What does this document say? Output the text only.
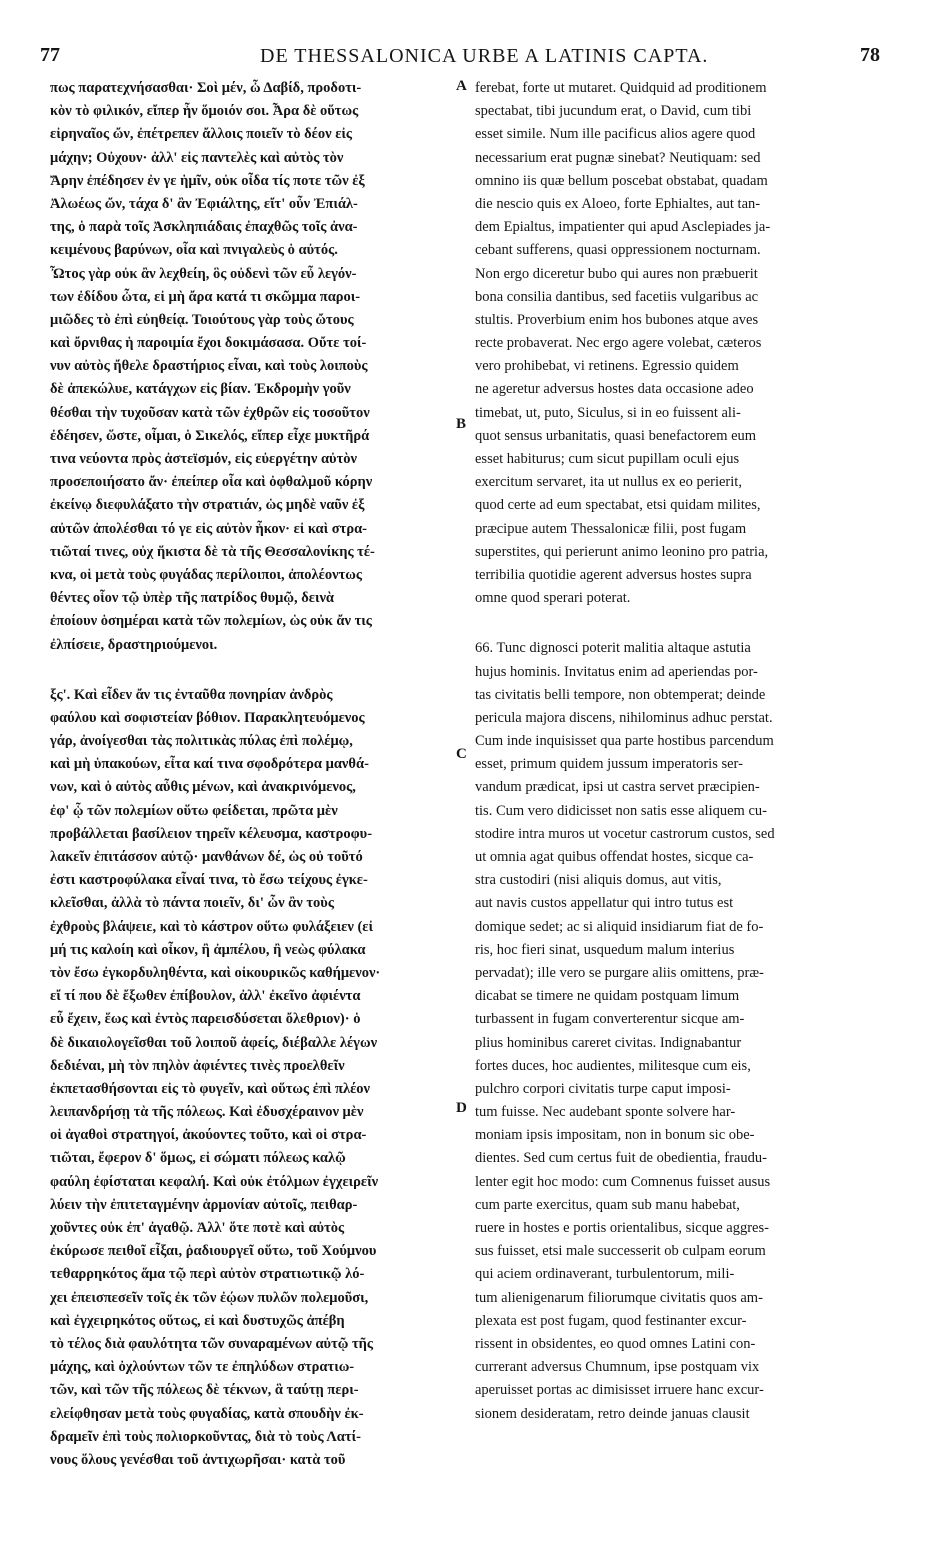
77	DE THESSALONICA URBE A LATINIS CAPTA.	78
A
B
C
D
πως παρατεχνήσασθαι· Σοὶ μέν, ὦ Δαβίδ, προδοτι-
κὸν τὸ φιλικόν, εἴπερ ἦν ὅμοιόν σοι. Ἆρα δὲ οὕτως
εἰρηναῖος ὤν, ἐπέτρεπεν ἄλλοις ποιεῖν τὸ δέον εἰς
μάχην; Οὐχουν· ἀλλ' εἰς παντελὲς καὶ αὐτὸς τὸν
Ἄρην ἐπέδησεν ἐν γε ἡμῖν, οὐκ οἶδα τίς ποτε τῶν ἐξ
Ἀλωέως ὤν, τάχα δ' ἂν Ἐφιάλτης, εἴτ' οὖν Ἐπιάλ-
της, ὁ παρὰ τοῖς Ἀσκληπιάδαις ἐπαχθῶς τοῖς ἀνα-
κειμένους βαρύνων, οἷα καὶ πνιγαλεὺς ὁ αὐτός.
Ὦτος γὰρ οὐκ ἂν λεχθείη, ὃς οὐδενὶ τῶν εὖ λεγόν-
των ἐδίδου ὦτα, εἰ μὴ ἄρα κατά τι σκῶμμα παροι-
μιῶδες τὸ ἐπὶ εὐηθείᾳ. Τοιούτους γὰρ τοὺς ὤτους
καὶ ὄρνιθας ἡ παροιμία ἔχοι δοκιμάσασα. Οὔτε τοί-
νυν αὐτὸς ἤθελε δραστήριος εἶναι, καὶ τοὺς λοιποὺς
δὲ ἀπεκώλυε, κατάγχων εἰς βίαν. Ἐκδρομὴν γοῦν
θέσθαι τὴν τυχοῦσαν κατὰ τῶν ἐχθρῶν εἰς τοσοῦτον
ἐδέησεν, ὥστε, οἶμαι, ὁ Σικελός, εἴπερ εἶχε μυκτῆρά
τινα νεύοντα πρὸς ἀστεϊσμόν, εἰς εὐεργέτην αὐτὸν
προσεποιήσατο ἄν· ἐπείπερ οἷα καὶ ὀφθαλμοῦ κόρην
ἐκείνῳ διεφυλάξατο τὴν στρατιάν, ὡς μηδὲ ναῦν ἐξ
αὐτῶν ἀπολέσθαι τό γε εἰς αὐτὸν ἧκον· εἰ καὶ στρα-
τιῶταί τινες, οὐχ ἥκιστα δὲ τὰ τῆς Θεσσαλονίκης τέ-
κνα, οἱ μετὰ τοὺς φυγάδας περίλοιποι, ἀπολέοντως
θέντες οἷον τῷ ὑπὲρ τῆς πατρίδος θυμῷ, δεινὰ
ἐποίουν ὁσημέραι κατὰ τῶν πολεμίων, ὡς οὐκ ἄν τις
ἐλπίσειε, δραστηριούμενοι.
ξς'. Καὶ εἶδεν ἄν τις ἐνταῦθα πονηρίαν ἀνδρὸς
φαύλου καὶ σοφιστείαν βόθιον. Παρακλητευόμενος
γάρ, ἀνοίγεσθαι τὰς πολιτικὰς πύλας ἐπὶ πολέμῳ,
καὶ μὴ ὑπακούων, εἶτα καί τινα σφοδρότερα μανθά-
νων, καὶ ὁ αὐτὸς αὖθις μένων, καὶ ἀνακρινόμενος,
ἐφ' ᾧ τῶν πολεμίων οὕτω φείδεται, πρῶτα μὲν
προβάλλεται βασίλειον τηρεῖν κέλευσμα, καστροφυ-
λακεῖν ἐπιτάσσον αὐτῷ· μανθάνων δέ, ὡς οὐ τοῦτό
ἐστι καστροφύλακα εἶναί τινα, τὸ ἔσω τείχους ἐγκε-
κλεῖσθαι, ἀλλὰ τὸ πάντα ποιεῖν, δι' ὧν ἂν τοὺς
ἐχθροὺς βλάψειε, καὶ τὸ κάστρον οὕτω φυλάξειεν (εἰ
μή τις καλοίη καὶ οἶκον, ἢ ἀμπέλου, ἢ νεὼς φύλακα
τὸν ἔσω ἐγκορδυληθέντα, καὶ οἰκουρικῶς καθήμενον·
εἴ τί που δὲ ἔξωθεν ἐπίβουλον, ἀλλ' ἐκεῖνο ἀφιέντα
εὖ ἔχειν, ἕως καὶ ἐντὸς παρεισδύσεται ὄλεθριον)· ὁ
δὲ δικαιολογεῖσθαι τοῦ λοιποῦ ἀφείς, διέβαλλε λέγων
δεδιέναι, μὴ τὸν πηλὸν ἀφιέντες τινὲς προελθεῖν
ἐκπετασθήσονται εἰς τὸ φυγεῖν, καὶ οὕτως ἐπὶ πλέον
λειπανδρήσῃ τὰ τῆς πόλεως. Καὶ ἐδυσχέραινον μὲν
οἱ ἀγαθοὶ στρατηγοί, ἀκούοντες τοῦτο, καὶ οἱ στρα-
τιῶται, ἔφερον δ' ὅμως, εἰ σώματι πόλεως καλῷ
φαύλη ἐφίσταται κεφαλή. Καὶ οὐκ ἐτόλμων ἐγχειρεῖν
λύειν τὴν ἐπιτεταγμένην ἁρμονίαν αὐτοῖς, πειθαρ-
χοῦντες οὐκ ἐπ' ἀγαθῷ. Ἀλλ' ὅτε ποτὲ καὶ αὐτὸς
ἐκύρωσε πειθοῖ εἶξαι, ῥαδιουργεῖ οὕτω, τοῦ Χούμνου
τεθαρρηκότος ἅμα τῷ περὶ αὐτὸν στρατιωτικῷ λό-
χει ἐπεισπεσεῖν τοῖς ἐκ τῶν ἐῴων πυλῶν πολεμοῦσι,
καὶ ἐγχειρηκότος οὕτως, εἰ καὶ δυστυχῶς ἀπέβη
τὸ τέλος διὰ φαυλότητα τῶν συναραμένων αὐτῷ τῆς
μάχης, καὶ ὀχλούντων τῶν τε ἐπηλύδων στρατιω-
τῶν, καὶ τῶν τῆς πόλεως δὲ τέκνων, ἃ ταύτῃ περι-
ελείφθησαν μετὰ τοὺς φυγαδίας, κατὰ σπουδὴν ἐκ-
δραμεῖν ἐπὶ τοὺς πολιορκοῦντας, διὰ τὸ τοὺς Λατί-
νους ὅλους γενέσθαι τοῦ ἀντιχωρῆσαι· κατὰ τοῦ
ferebat, forte ut mutaret. Quidquid ad proditionem
spectabat, tibi jucundum erat, o David, cum tibi
esset simile. Num ille pacificus alios agere quod
necessarium erat pugnæ sinebat? Neutiquam: sed
omnino iis quæ bellum poscebat obstabat, quadam
die nescio quis ex Aloeo, forte Ephialtes, aut tan-
dem Epialtus, impatienter qui apud Asclepiades ja-
cebant sufferens, quasi oppressionem nocturnam.
Non ergo diceretur bubo qui aures non præbuerit
bona consilia dantibus, sed facetiis vulgaribus ac
stultis. Proverbium enim hos bubones atque aves
recte probaverat. Nec ergo agere volebat, cæteros
vero prohibebat, vi retinens. Egressio quidem
ne ageretur adversus hostes data occasione adeo
timebat, ut, puto, Siculus, si in eo fuissent ali-
quot sensus urbanitatis, quasi benefactorem eum
esset habiturus; cum sicut pupillam oculi ejus
exercitum servaret, ita ut nullus ex eo perierit,
quod certe ad eum spectabat, etsi quidam milites,
præcipue autem Thessalonicæ filii, post fugam
superstites, qui perierunt animo leonino pro patria,
terribilia quotidie agerent adversus hostes supra
omne quod sperari poterat.
66. Tunc dignosci poterit malitia altaque astutia
hujus hominis. Invitatus enim ad aperiendas por-
tas civitatis belli tempore, non obtemperat; deinde
pericula majora discens, nihilominus adhuc perstat.
Cum inde inquisisset qua parte hostibus parcendum
esset, primum quidem jussum imperatoris ser-
vandum prædicat, ipsi ut castra servet præcipien-
tis. Cum vero didicisset non satis esse aliquem cu-
stodire intra muros ut vocetur castrorum custos, sed
ut omnia agat quibus offendat hostes, sicque ca-
stra custodiri (nisi aliquis domus, aut vitis,
aut navis custos appellatur qui intro tutus est
domique sedet; ac si aliquid insidiarum fiat de fo-
ris, hoc fieri sinat, usquedum malum interius
pervadat); ille vero se purgare aliis omittens, præ-
dicabat se timere ne quidam postquam limum
turbassent in fugam converterentur sicque am-
plius hominibus careret civitas. Indignabantur
fortes duces, hoc audientes, militesque cum eis,
pulchro corpori civitatis turpe caput imposi-
tum fuisse. Nec audebant sponte solvere har-
moniam ipsis impositam, non in bonum sic obe-
dientes. Sed cum certus fuit de obedientia, fraudu-
lenter egit hoc modo: cum Comnenus fuisset ausus
cum parte exercitus, quam sub manu habebat,
ruere in hostes e portis orientalibus, sicque aggres-
sus fuisset, etsi male successerit ob culpam eorum
qui aciem ordinaverant, turbulentorum, mili-
tum alienigenarum filiorumque civitatis quos am-
plexata est post fugam, quod festinanter excur-
rissent in obsidentes, eo quod omnes Latini con-
currerant adversus Chumnum, ipse postquam vix
aperuisset portas ac dimisisset irruere hanc excur-
sionem desideratam, retro deinde januas clausit
